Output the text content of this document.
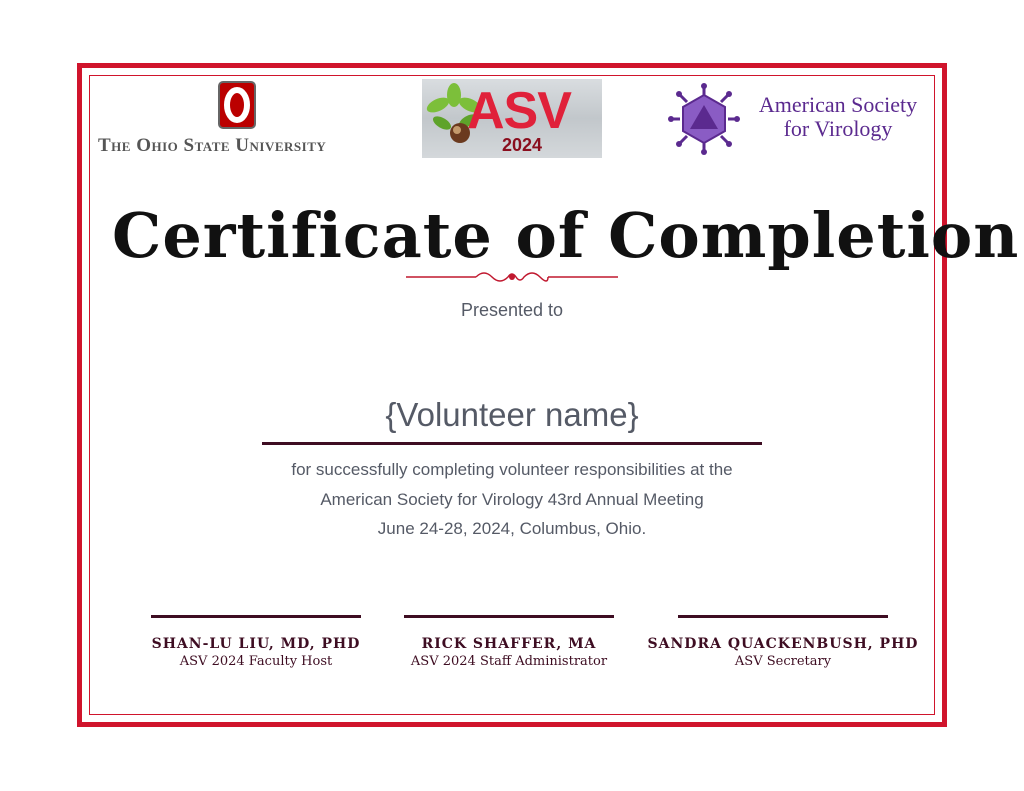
O
The Ohio State University
ASV
2024
American Society
for Virology
Certificate of Completion
Presented to
{Volunteer name}
for successfully completing volunteer responsibilities at the
American Society for Virology 43rd Annual Meeting
June 24-28, 2024, Columbus, Ohio.
SHAN-LU LIU, MD, PHD
ASV 2024 Faculty Host
RICK SHAFFER, MA
ASV 2024 Staff Administrator
SANDRA QUACKENBUSH, PHD
ASV Secretary
